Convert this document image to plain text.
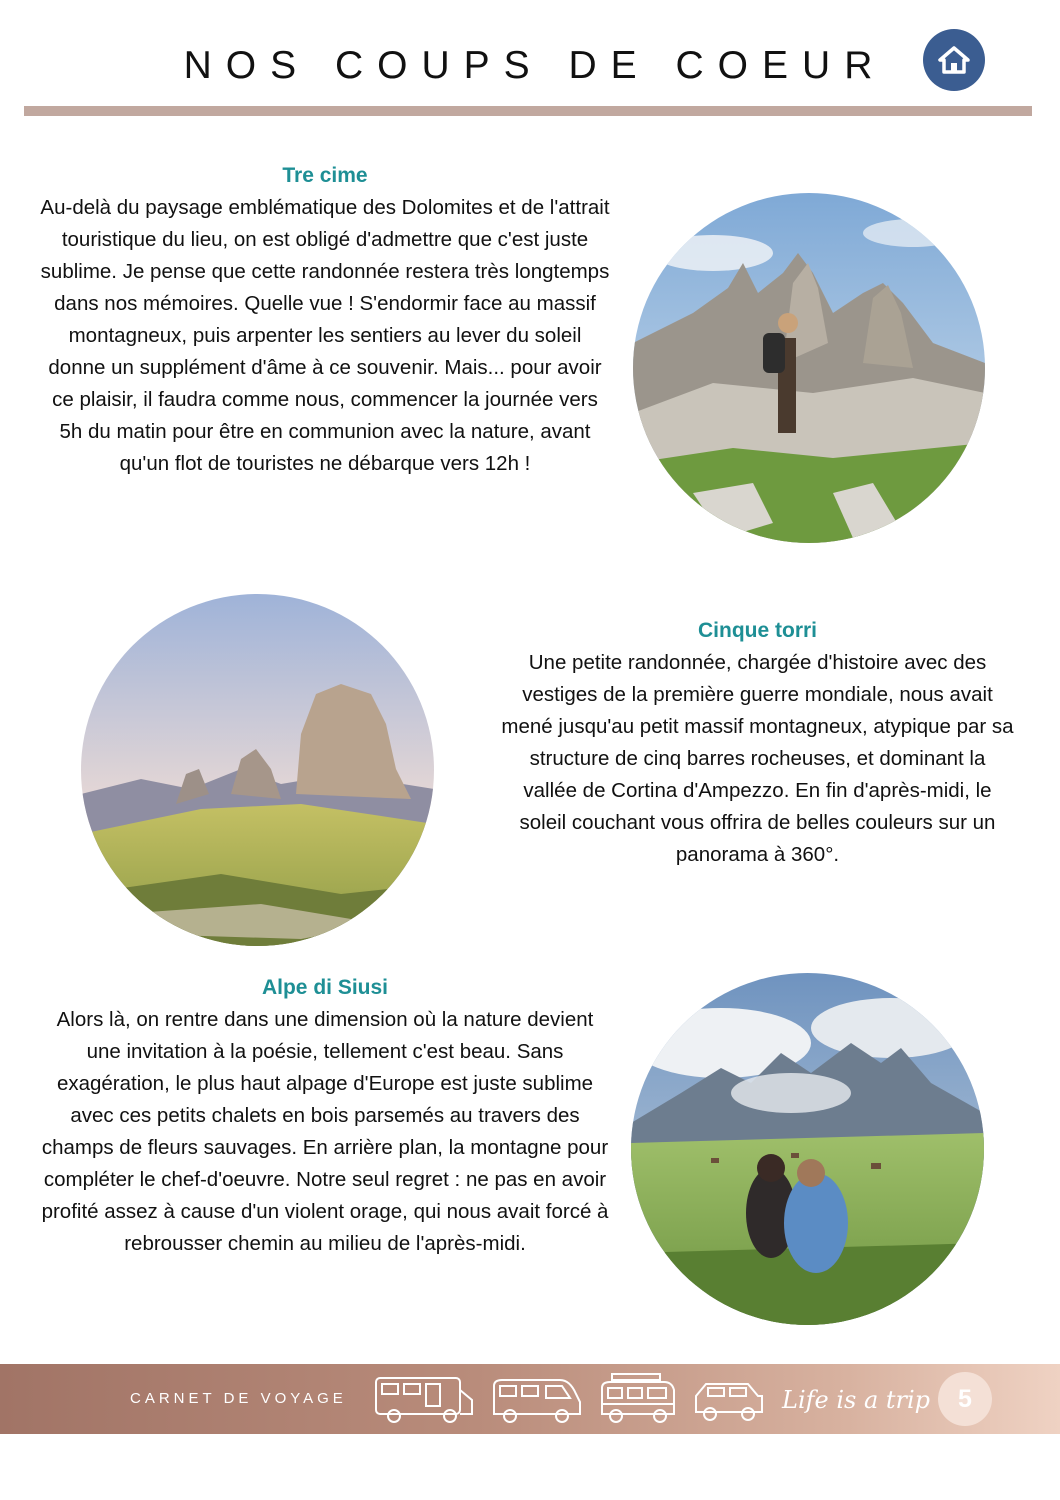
NOS COUPS DE COEUR
Tre cime
Au-delà du paysage emblématique des Dolomites et de l'attrait touristique du lieu, on est obligé d'admettre que c'est juste sublime. Je pense que cette randonnée restera très longtemps dans nos mémoires. Quelle vue ! S'endormir face au massif montagneux, puis arpenter les sentiers au lever du soleil donne un supplément d'âme à ce souvenir. Mais... pour avoir ce plaisir, il faudra comme nous, commencer la journée vers 5h du matin pour être en communion avec la nature, avant qu'un flot de touristes ne débarque vers 12h !
Cinque torri
Une petite randonnée, chargée d'histoire avec des vestiges de la première guerre mondiale, nous avait mené jusqu'au petit massif montagneux, atypique par sa structure de cinq barres rocheuses, et dominant la vallée de Cortina d'Ampezzo. En fin d'après-midi, le soleil couchant vous offrira de belles couleurs sur un panorama à 360°.
Alpe di Siusi
Alors là, on rentre dans une dimension où la nature devient une invitation à la poésie, tellement c'est beau. Sans exagération, le plus haut alpage d'Europe est juste sublime avec ces petits chalets en bois parsemés au travers des champs de fleurs sauvages. En arrière plan, la montagne pour compléter le chef-d'oeuvre. Notre seul regret : ne pas en avoir profité assez à cause d'un violent orage, qui nous avait forcé à rebrousser chemin au milieu de l'après-midi.
CARNET DE VOYAGE	Life is a trip	5
